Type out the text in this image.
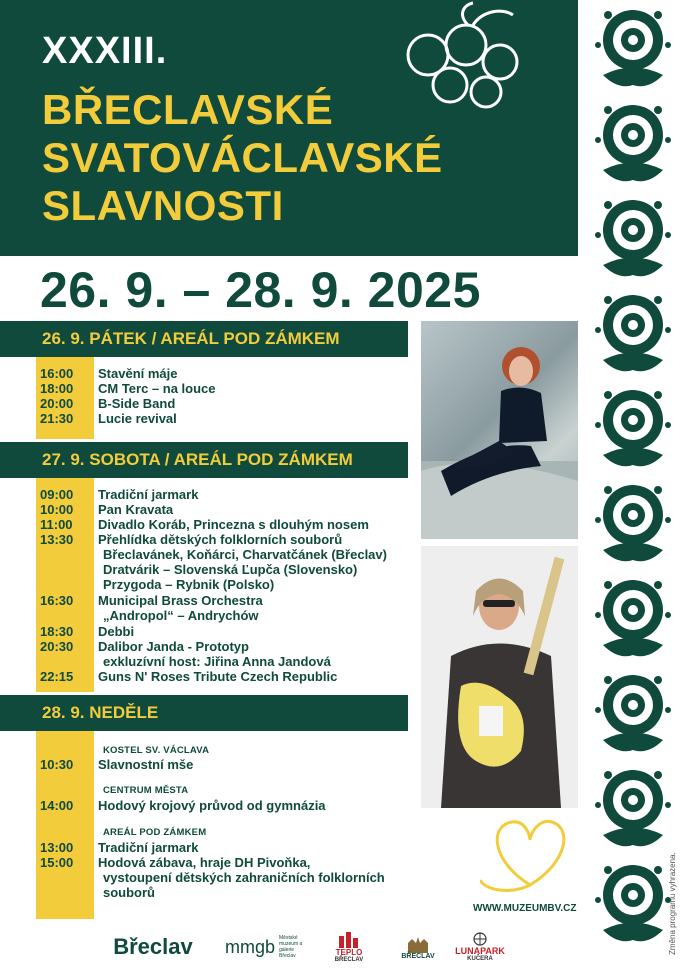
XXXIII.
BŘECLAVSKÉ
SVATOVÁCLAVSKÉ
SLAVNOSTI
26. 9. – 28. 9. 2025
26. 9. PÁTEK / AREÁL POD ZÁMKEM
16:00 Stavění máje
18:00 CM Terc – na louce
20:00 B-Side Band
21:30 Lucie revival
27. 9. SOBOTA / AREÁL POD ZÁMKEM
09:00 Tradiční jarmark
10:00 Pan Kravata
11:00 Divadlo Koráb, Princezna s dlouhým nosem
13:30 Přehlídka dětských folklorních souborů
Břeclavánek, Koňárci, Charvatčánek (Břeclav)
Dratvárik – Slovenská Ľupča (Slovensko)
Przygoda – Rybnik (Polsko)
16:30 Municipal Brass Orchestra
„Andropol“ – Andrychów
18:30 Debbi
20:30 Dalibor Janda - Prototyp
exkluzívní host: Jiřina Anna Jandová
22:15 Guns N' Roses Tribute Czech Republic
28. 9. NEDĚLE
KOSTEL SV. VÁCLAVA
10:30 Slavnostní mše
CENTRUM MĚSTA
14:00 Hodový krojový průvod od gymnázia
AREÁL POD ZÁMKEM
13:00 Tradiční jarmark
15:00 Hodová zábava, hraje DH Pivoňka,
vystoupení dětských zahraničních folklorních
souborů
WWW.MUZEUMBV.CZ	Změna programu vyhrazena.
Břeclav	mmgb Městské muzeum a galerie Břeclav	TEPLO
BŘECLAV	BŘECLAV LUNAPARK
KUČERA
